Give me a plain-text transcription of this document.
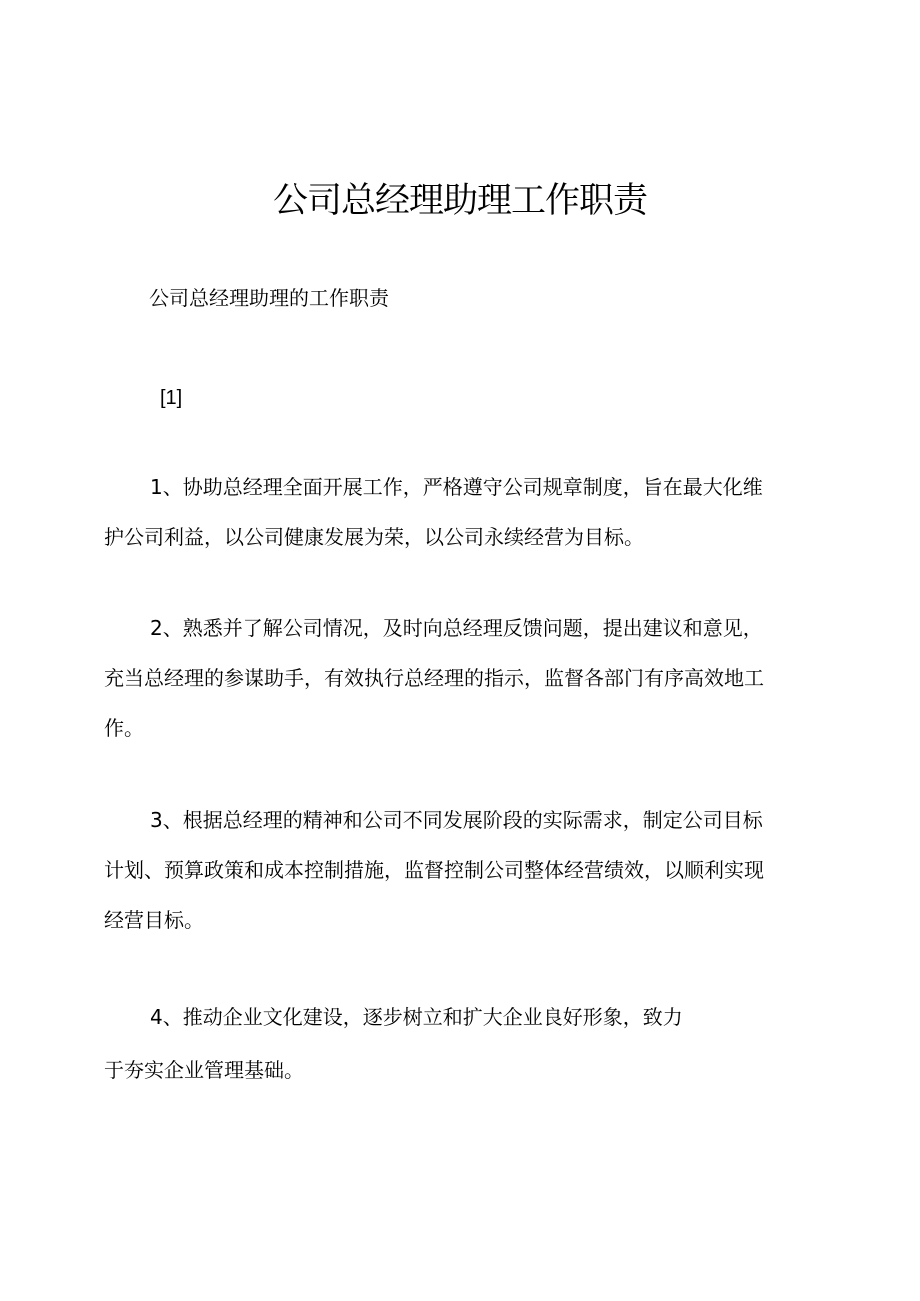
公司总经理助理工作职责

公司总经理助理的工作职责

[1]

1、协助总经理全面开展工作，严格遵守公司规章制度，旨在最大化维
护公司利益，以公司健康发展为荣，以公司永续经营为目标。

2、熟悉并了解公司情况，及时向总经理反馈问题，提出建议和意见，
充当总经理的参谋助手，有效执行总经理的指示，监督各部门有序高效地工
作。

3、根据总经理的精神和公司不同发展阶段的实际需求，制定公司目标
计划、预算政策和成本控制措施，监督控制公司整体经营绩效，以顺利实现
经营目标。

4、推动企业文化建设，逐步树立和扩大企业良好形象，致力

于夯实企业管理基础。
